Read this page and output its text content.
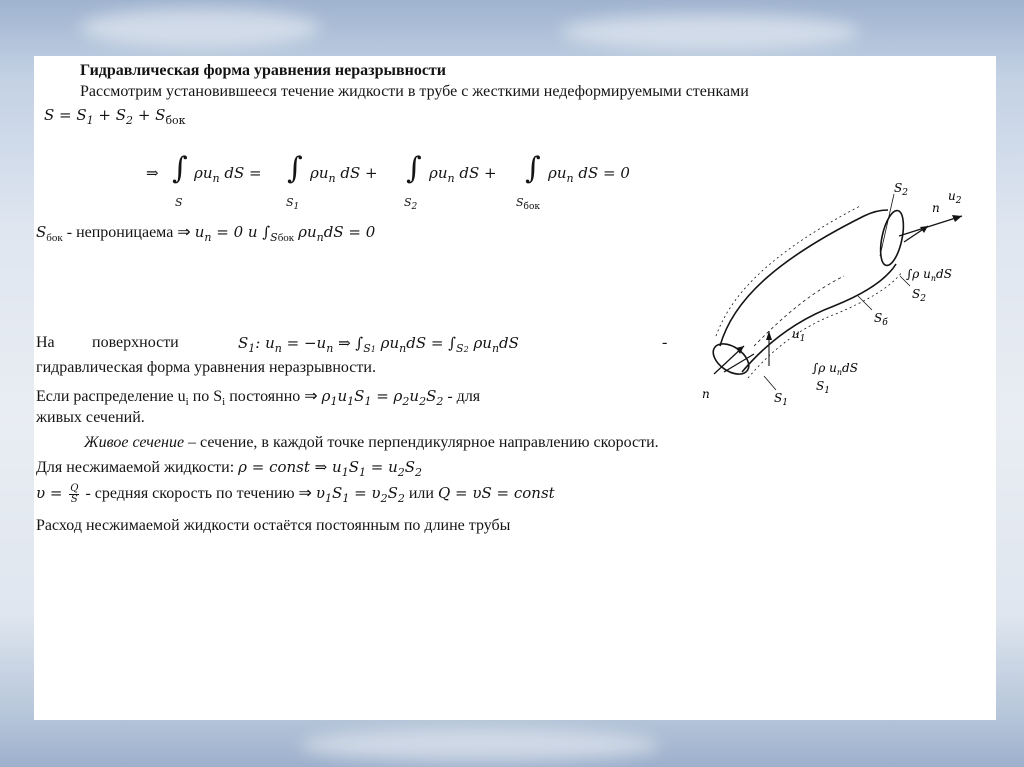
Гидравлическая форма уравнения неразрывности
Рассмотрим установившееся течение жидкости в трубе с жесткими недеформируемыми стенками
$S = S_1 + S_2 + S_{бок}$
⇒ ∫
S
$\rho u_n$ dS = ∫
$S_1$
$\rho u_n$ dS + ∫
$S_2$
$\rho u_n$ dS + ∫
$S_{бок}$
$\rho u_n$ dS = 0
$S_{бок}$ - непроницаема ⇒ $u_n = 0$ и $\int_{Sбок}$ $\rho u_ndS = 0$
На поверхности	$S_1$: $u_n = -u_n$ ⇒ $\int_{S1}$ $\rho u_ndS = \int_{S2}$ $\rho u_ndS$	-
гидравлическая форма уравнения неразрывности.
Если распределение $u_i$ по $S_i$ постоянно ⇒ $\rho_1u_1S_1 = \rho_2u_2S_2$ - для
живых сечений.
Живое сечение – сечение, в каждой точке перпендикулярное направлению скорости.
Для несжимаемой жидкости: ρ = const ⇒ $u_1S_1 = u_2S_2$
$\upsilon = \frac{Q}{S}$ - средняя скорость по течению ⇒ $\upsilon_1S_1 = \upsilon_2S_2$ или Q = υS = const
Расход несжимаемой жидкости остаётся постоянным по длине трубы
$S_2$
n
$u_2$
∫ρ $u_ndS$
$S_2$
$u_1$
$S_б$
∫ρ $u_ndS$
$S_1$
n	$S_1$
